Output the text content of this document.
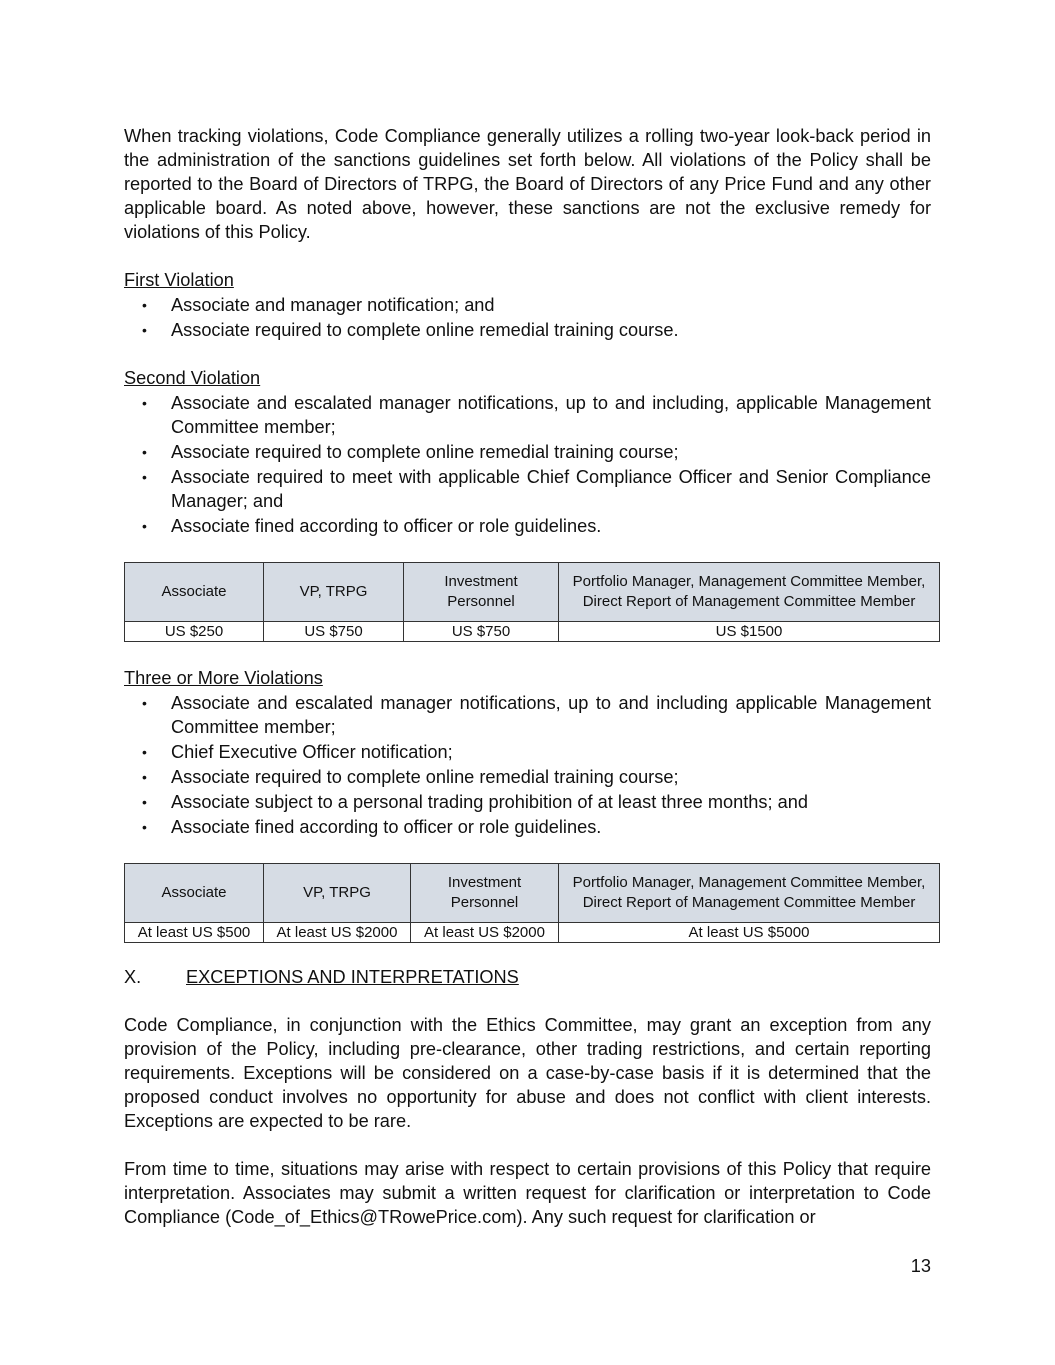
When tracking violations, Code Compliance generally utilizes a rolling two-year look-back period in the administration of the sanctions guidelines set forth below. All violations of the Policy shall be reported to the Board of Directors of TRPG, the Board of Directors of any Price Fund and any other applicable board. As noted above, however, these sanctions are not the exclusive remedy for violations of this Policy.

First Violation
• Associate and manager notification; and
• Associate required to complete online remedial training course.
Second Violation
• Associate and escalated manager notifications, up to and including, applicable Management Committee member;
• Associate required to complete online remedial training course;
• Associate required to meet with applicable Chief Compliance Officer and Senior Compliance Manager; and
• Associate fined according to officer or role guidelines.
Associate	VP, TRPG	Investment Personnel	Portfolio Manager, Management Committee Member, Direct Report of Management Committee Member
US $250	US $750	US $750	US $1500
Three or More Violations
• Associate and escalated manager notifications, up to and including applicable Management Committee member;
• Chief Executive Officer notification;
• Associate required to complete online remedial training course;
• Associate subject to a personal trading prohibition of at least three months; and
• Associate fined according to officer or role guidelines.
Associate	VP, TRPG	Investment Personnel	Portfolio Manager, Management Committee Member, Direct Report of Management Committee Member
At least US $500	At least US $2000	At least US $2000	At least US $5000
X.	EXCEPTIONS AND INTERPRETATIONS

Code Compliance, in conjunction with the Ethics Committee, may grant an exception from any provision of the Policy, including pre-clearance, other trading restrictions, and certain reporting requirements. Exceptions will be considered on a case-by-case basis if it is determined that the proposed conduct involves no opportunity for abuse and does not conflict with client interests. Exceptions are expected to be rare.

From time to time, situations may arise with respect to certain provisions of this Policy that require interpretation. Associates may submit a written request for clarification or interpretation to Code Compliance (Code_of_Ethics@TRowePrice.com). Any such request for clarification or

13
